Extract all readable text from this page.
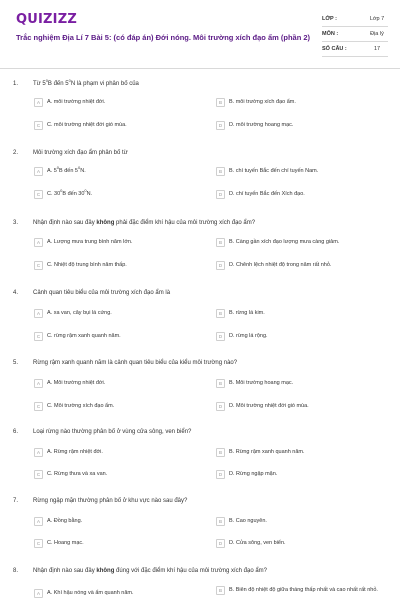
QUIZIZZ
Trắc nghiệm Địa Lí 7 Bài 5: (có đáp án) Đới nóng. Môi trường xích đạo ẩm (phần 2)
LỚP :	Lớp 7
MÔN :	Địa lý
SỐ CÂU :	17
1. Từ $5^0B$ đến $5^0N$ là phạm vi phân bố của
A	A. môi trường nhiệt đới.	B	B. môi trường xích đạo ẩm.
C	C. môi trường nhiệt đới gió mùa.	D	D. môi trường hoang mạc.
2. Môi trường xích đạo ẩm phân bố từ
A	A. $5^0B$ đến $5^0N$.	B	B. chí tuyến Bắc đến chí tuyến Nam.
C	C. $30^0B$ đến $30^0N$.	D	D. chí tuyến Bắc đến Xích đạo.
3. Nhận định nào sau đây không phải đặc điểm khí hậu của môi trường xích đạo ẩm?
A	A. Lượng mưa trung bình năm lớn.	B	B. Càng gần xích đạo lượng mưa càng giảm.
C	C. Nhiệt độ trung bình năm thấp.	D	D. Chênh lệch nhiệt độ trong năm rất nhỏ.
4. Cảnh quan tiêu biểu của môi trường xích đạo ẩm là
A	A. xa van, cây bụi lá cứng.	B	B. rừng lá kim.
C	C. rừng rậm xanh quanh năm.	D	D. rừng lá rộng.
5. Rừng rậm xanh quanh năm là cảnh quan tiêu biểu của kiểu môi trường nào?
A	A. Môi trường nhiệt đới.	B	B. Môi trường hoang mạc.
C	C. Môi trường xích đạo ẩm.	D	D. Môi trường nhiệt đới gió mùa.
6. Loại rừng nào thường phân bố ở vùng cửa sông, ven biển?
A	A. Rừng rậm nhiệt đới.	B	B. Rừng rậm xanh quanh năm.
C	C. Rừng thưa và xa van.	D	D. Rừng ngập mặn.
7. Rừng ngập mặn thường phân bố ở khu vực nào sau đây?
A	A. Đồng bằng.	B	B. Cao nguyên.
C	C. Hoang mạc.	D	D. Cửa sông, ven biển.
8. Nhận định nào sau đây không đúng với đặc điểm khí hậu của môi trường xích đạo ẩm?
A	A. Khí hậu nóng và ẩm quanh năm.	B	B. Biên độ nhiệt độ giữa tháng thấp nhất và cao nhất rất nhỏ.
